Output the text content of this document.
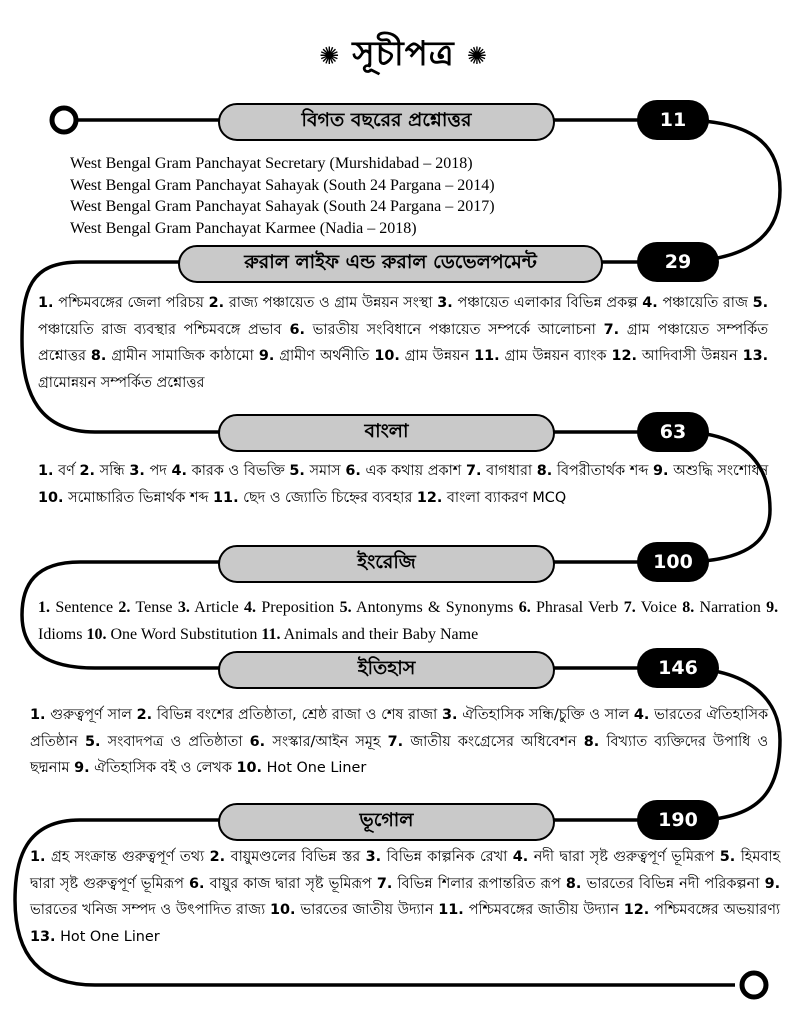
✺ সূচীপত্র ✺
বিগত বছরের প্রশ্নোত্তর	11
West Bengal Gram Panchayat Secretary (Murshidabad – 2018)
West Bengal Gram Panchayat Sahayak (South 24 Pargana – 2014)
West Bengal Gram Panchayat Sahayak (South 24 Pargana – 2017)
West Bengal Gram Panchayat Karmee (Nadia – 2018)
রুরাল লাইফ এন্ড রুরাল ডেভেলপমেন্ট	29
1. পশ্চিমবঙ্গের জেলা পরিচয় 2. রাজ্য পঞ্চায়েত ও গ্রাম উন্নয়ন সংস্থা 3. পঞ্চায়েত এলাকার বিভিন্ন প্রকল্প 4. পঞ্চায়েতি রাজ 5. পঞ্চায়েতি রাজ ব্যবস্থার পশ্চিমবঙ্গে প্রভাব 6. ভারতীয় সংবিধানে পঞ্চায়েত সম্পর্কে আলোচনা 7. গ্রাম পঞ্চায়েত সম্পর্কিত প্রশ্নোত্তর 8. গ্রামীন সামাজিক কাঠামো 9. গ্রামীণ অর্থনীতি 10. গ্রাম উন্নয়ন 11. গ্রাম উন্নয়ন ব্যাংক 12. আদিবাসী উন্নয়ন 13. গ্রামোন্নয়ন সম্পর্কিত প্রশ্নোত্তর
বাংলা	63
1. বর্ণ 2. সন্ধি 3. পদ 4. কারক ও বিভক্তি 5. সমাস 6. এক কথায় প্রকাশ 7. বাগধারা 8. বিপরীতার্থক শব্দ 9. অশুদ্ধি সংশোধন 10. সমোচ্চারিত ভিন্নার্থক শব্দ 11. ছেদ ও জ্যোতি চিহ্নের ব্যবহার 12. বাংলা ব্যাকরণ MCQ
ইংরেজি	100
1. Sentence 2. Tense 3. Article 4. Preposition 5. Antonyms & Synonyms 6. Phrasal Verb 7. Voice 8. Narration 9. Idioms 10. One Word Substitution 11. Animals and their Baby Name
ইতিহাস	146
1. গুরুত্বপূর্ণ সাল 2. বিভিন্ন বংশের প্রতিষ্ঠাতা, শ্রেষ্ঠ রাজা ও শেষ রাজা 3. ঐতিহাসিক সন্ধি/চুক্তি ও সাল 4. ভারতের ঐতিহাসিক প্রতিষ্ঠান 5. সংবাদপত্র ও প্রতিষ্ঠাতা 6. সংস্কার/আইন সমূহ 7. জাতীয় কংগ্রেসের অধিবেশন 8. বিখ্যাত ব্যক্তিদের উপাধি ও ছদ্মনাম 9. ঐতিহাসিক বই ও লেখক 10. Hot One Liner
ভূগোল	190
1. গ্রহ সংক্রান্ত গুরুত্বপূর্ণ তথ্য 2. বায়ুমণ্ডলের বিভিন্ন স্তর 3. বিভিন্ন কাল্পনিক রেখা 4. নদী দ্বারা সৃষ্ট গুরুত্বপূর্ণ ভূমিরূপ 5. হিমবাহ দ্বারা সৃষ্ট গুরুত্বপূর্ণ ভূমিরূপ 6. বায়ুর কাজ দ্বারা সৃষ্ট ভূমিরূপ 7. বিভিন্ন শিলার রূপান্তরিত রূপ 8. ভারতের বিভিন্ন নদী পরিকল্পনা 9. ভারতের খনিজ সম্পদ ও উৎপাদিত রাজ্য 10. ভারতের জাতীয় উদ্যান 11. পশ্চিমবঙ্গের জাতীয় উদ্যান 12. পশ্চিমবঙ্গের অভয়ারণ্য 13. Hot One Liner
